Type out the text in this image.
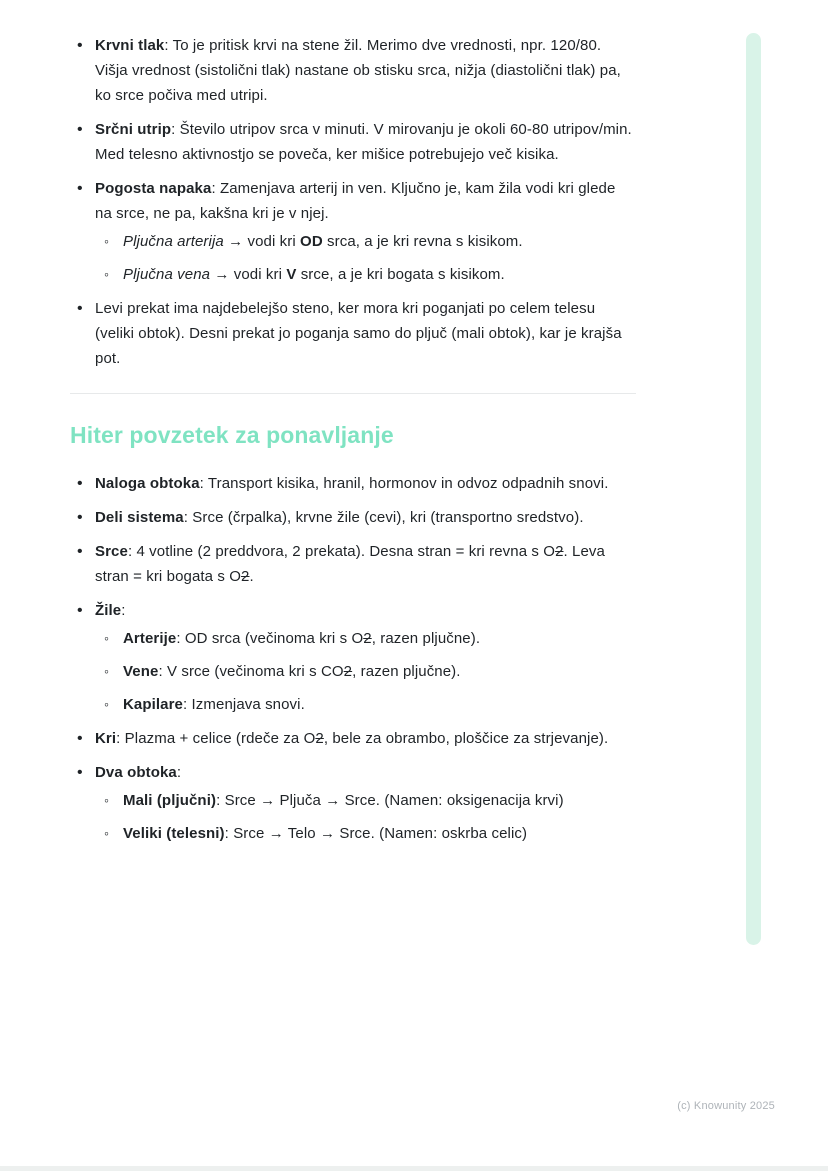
• Krvni tlak: To je pritisk krvi na stene žil. Merimo dve vrednosti, npr. 120/80. Višja vrednost (sistolični tlak) nastane ob stisku srca, nižja (diastolični tlak) pa, ko srce počiva med utripi.
• Srčni utrip: Število utripov srca v minuti. V mirovanju je okoli 60-80 utripov/min. Med telesno aktivnostjo se poveča, ker mišice potrebujejo več kisika.
• Pogosta napaka: Zamenjava arterij in ven. Ključno je, kam žila vodi kri glede na srce, ne pa, kakšna kri je v njej.
◦ Pljučna arterija → vodi kri OD srca, a je kri revna s kisikom.
◦ Pljučna vena → vodi kri V srce, a je kri bogata s kisikom.
• Levi prekat ima najdebelejšo steno, ker mora kri poganjati po celem telesu (veliki obtok). Desni prekat jo poganja samo do pljuč (mali obtok), kar je krajša pot.
Hiter povzetek za ponavljanje
• Naloga obtoka: Transport kisika, hranil, hormonov in odvoz odpadnih snovi.
• Deli sistema: Srce (črpalka), krvne žile (cevi), kri (transportno sredstvo).
• Srce: 4 votline (2 preddvora, 2 prekata). Desna stran = kri revna s O2. Leva stran = kri bogata s O2.
• Žile:
◦ Arterije: OD srca (večinoma kri s O2, razen pljučne).
◦ Vene: V srce (večinoma kri s CO2, razen pljučne).
◦ Kapilare: Izmenjava snovi.
• Kri: Plazma + celice (rdeče za O2, bele za obrambo, ploščice za strjevanje).
• Dva obtoka:
◦ Mali (pljučni): Srce → Pljuča → Srce. (Namen: oksigenacija krvi)
◦ Veliki (telesni): Srce → Telo → Srce. (Namen: oskrba celic)
(c) Knowunity 2025
